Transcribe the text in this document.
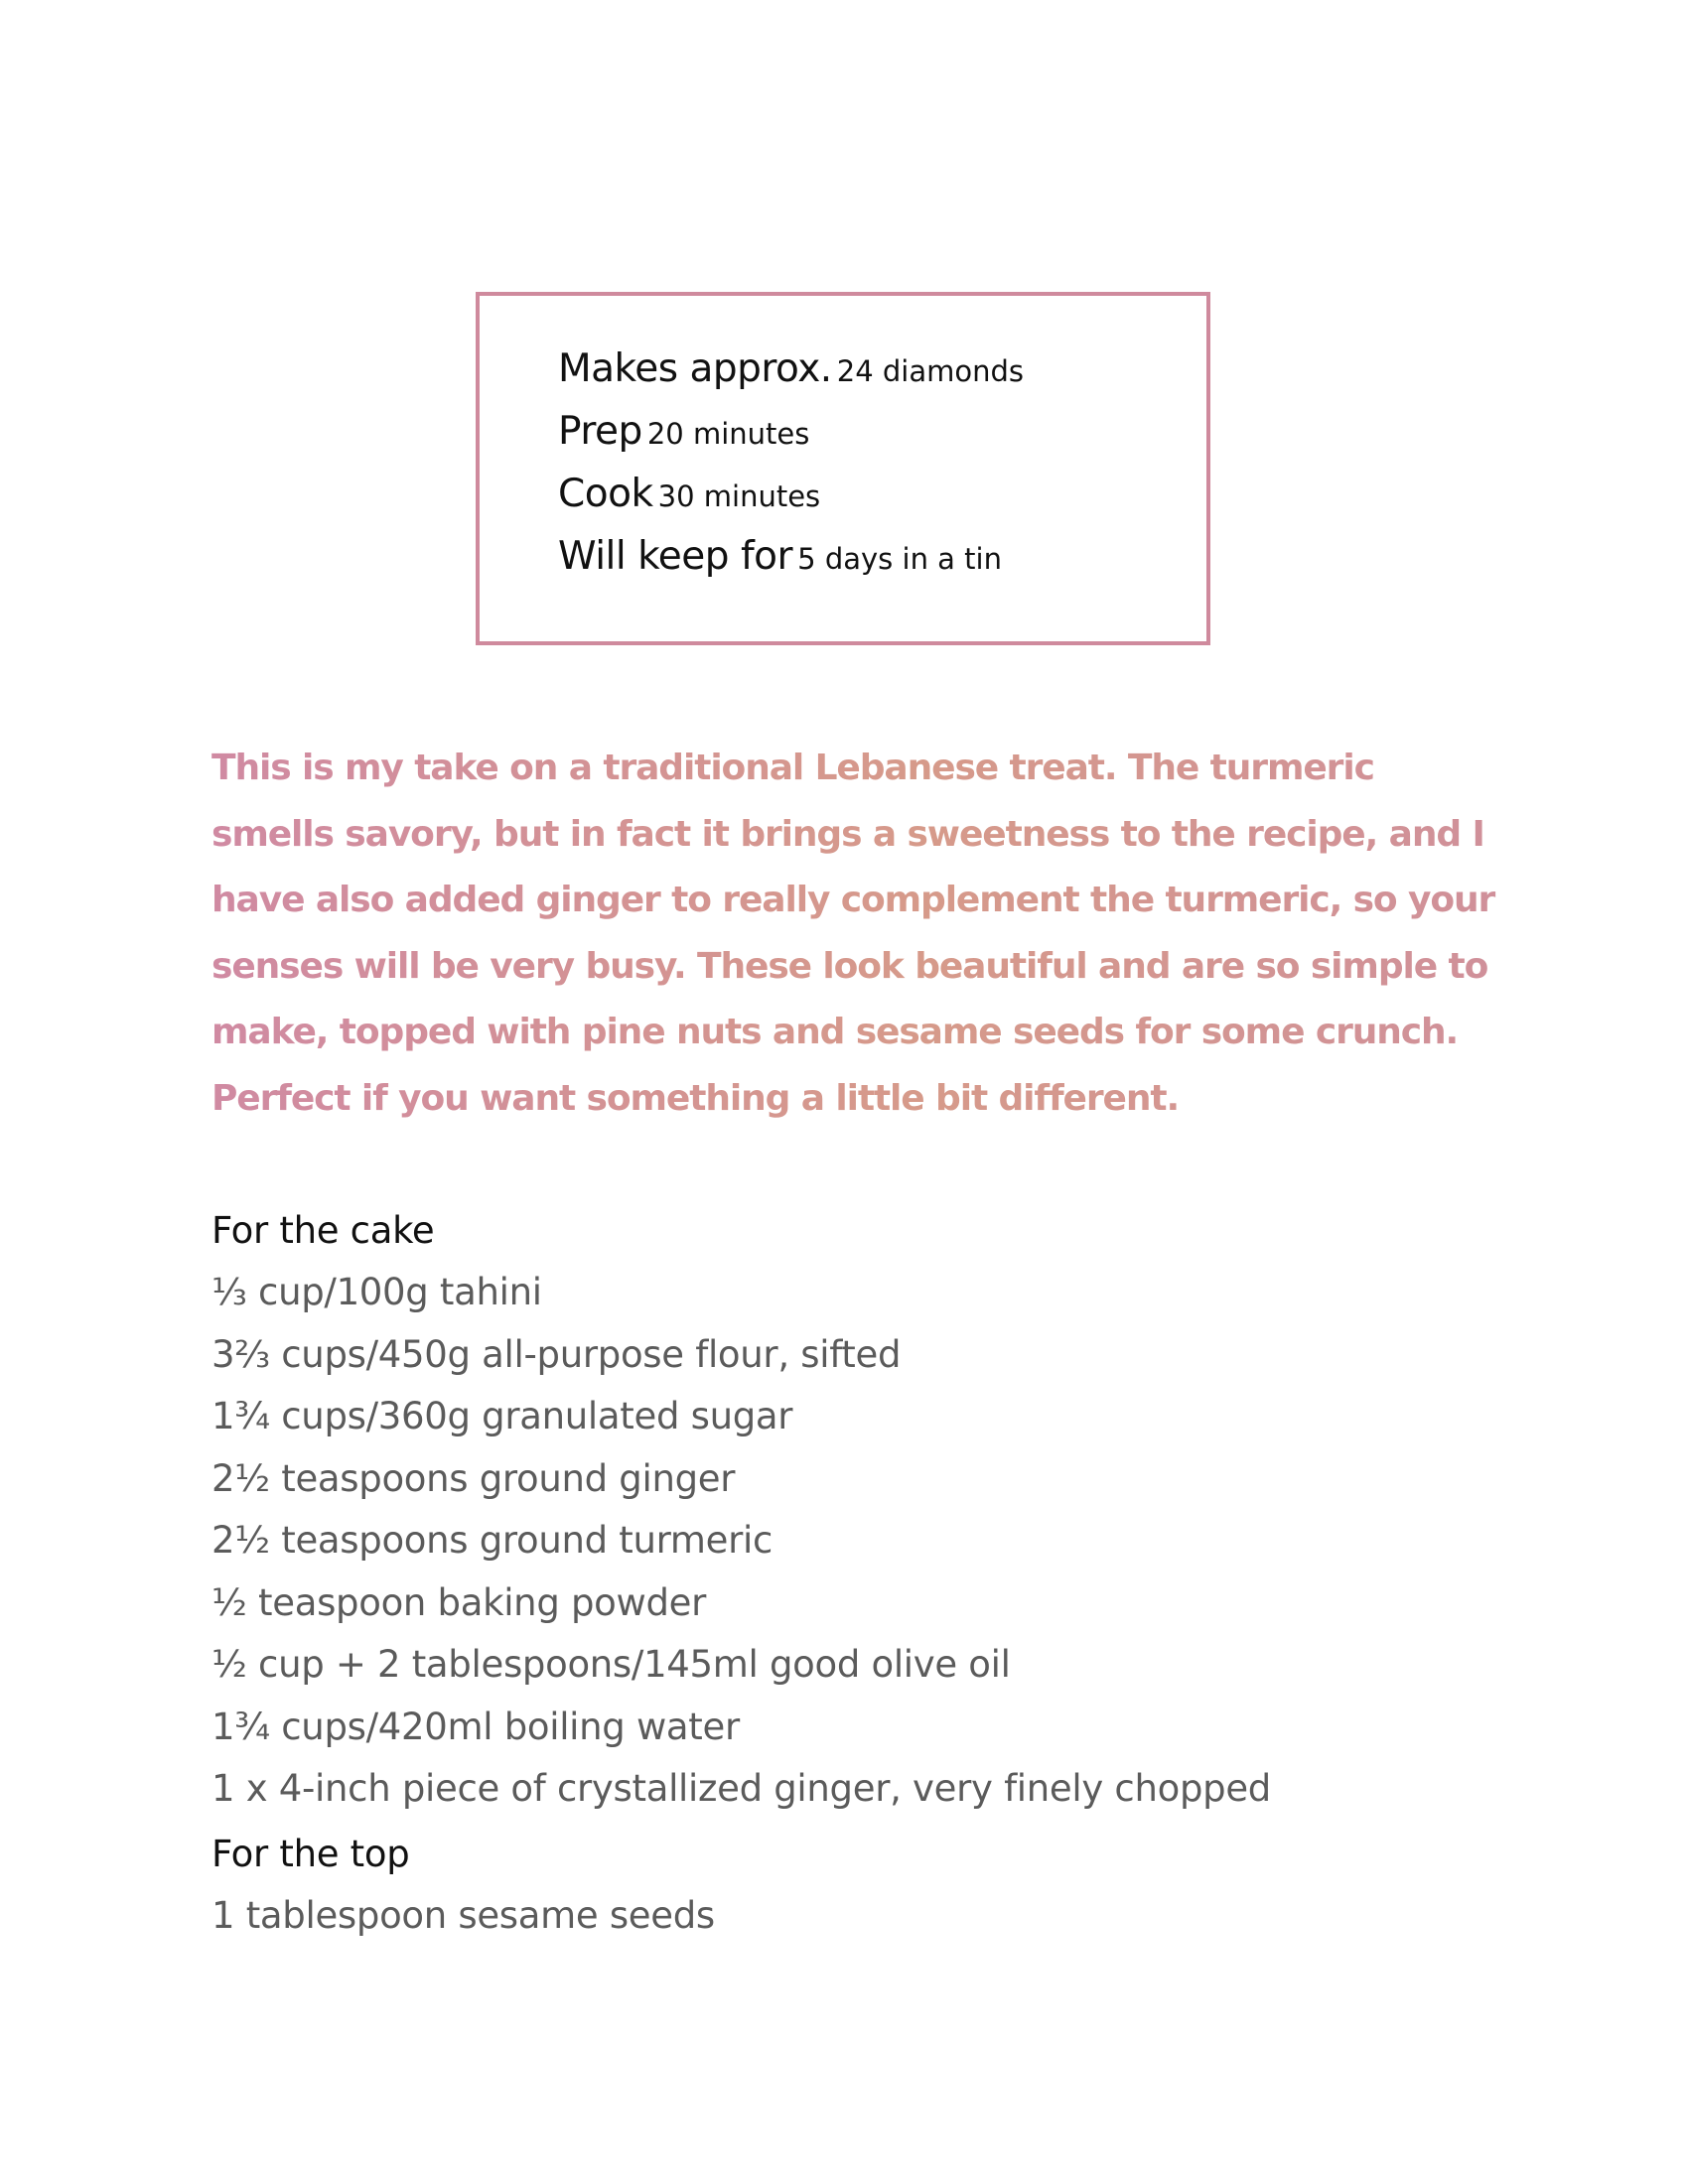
Makes approx. 24 diamonds
Prep 20 minutes
Cook 30 minutes
Will keep for 5 days in a tin

This is my take on a traditional Lebanese treat. The turmeric smells savory, but in fact it brings a sweetness to the recipe, and I have also added ginger to really complement the turmeric, so your senses will be very busy. These look beautiful and are so simple to make, topped with pine nuts and sesame seeds for some crunch. Perfect if you want something a little bit different.

For the cake
⅓ cup/100g tahini
3⅔ cups/450g all-purpose flour, sifted
1¾ cups/360g granulated sugar
2½ teaspoons ground ginger
2½ teaspoons ground turmeric
½ teaspoon baking powder
½ cup + 2 tablespoons/145ml good olive oil
1¾ cups/420ml boiling water
1 x 4-inch piece of crystallized ginger, very finely chopped
For the top
1 tablespoon sesame seeds
